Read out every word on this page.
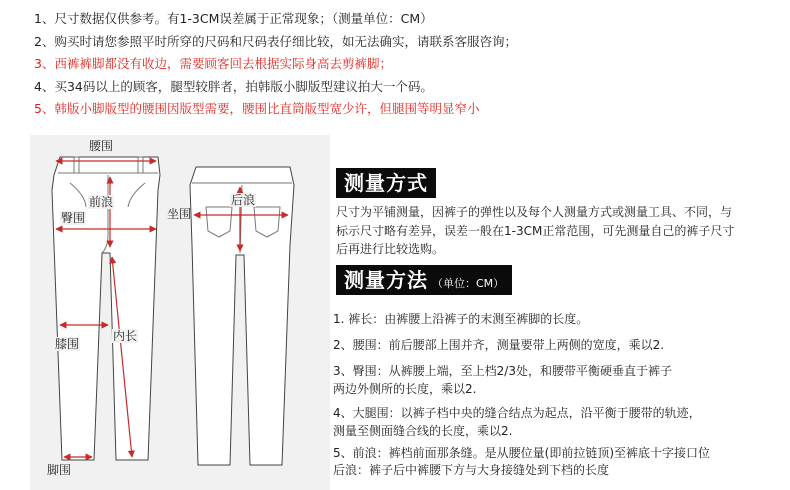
1、尺寸数据仅供参考。有1-3CM误差属于正常现象；（测量单位：CM）
2、购买时请您参照平时所穿的尺码和尺码表仔细比较，如无法确实，请联系客服咨询；
3、西裤裤脚都没有收边，需要顾客回去根据实际身高去剪裤脚；
4、买34码以上的顾客，腿型较胖者，拍韩版小脚版型建议拍大一个码。
5、韩版小脚版型的腰围因版型需要，腰围比直筒版型宽少许，但腿围等明显窄小
腰围
前浪
臀围	坐围
后浪
膝围
内长
脚围
测量方式
尺寸为平铺测量，因裤子的弹性以及每个人测量方式或测量工具、不同，与标示尺寸略有差异，误差一般在1-3CM正常范围，可先测量自己的裤子尺寸后再进行比较选购。
测量方法 （单位：CM）
1. 裤长：由裤腰上沿裤子的末测至裤脚的长度。
2、腰围：前后腰部上围并齐，测量要带上两侧的宽度，乘以2.
3、臀围：从裤腰上端，至上档2/3处，和腰带平衡硬垂直于裤子
两边外侧所的长度，乘以2.
4、大腿围：以裤子档中央的缝合结点为起点，沿平衡于腰带的轨迹，
测量至侧面缝合线的长度，乘以2.
5、前浪：裤档前面那条缝。是从腰位量(即前拉链顶)至裤底十字接口位
后浪：裤子后中裤腰下方与大身接缝处到下档的长度
